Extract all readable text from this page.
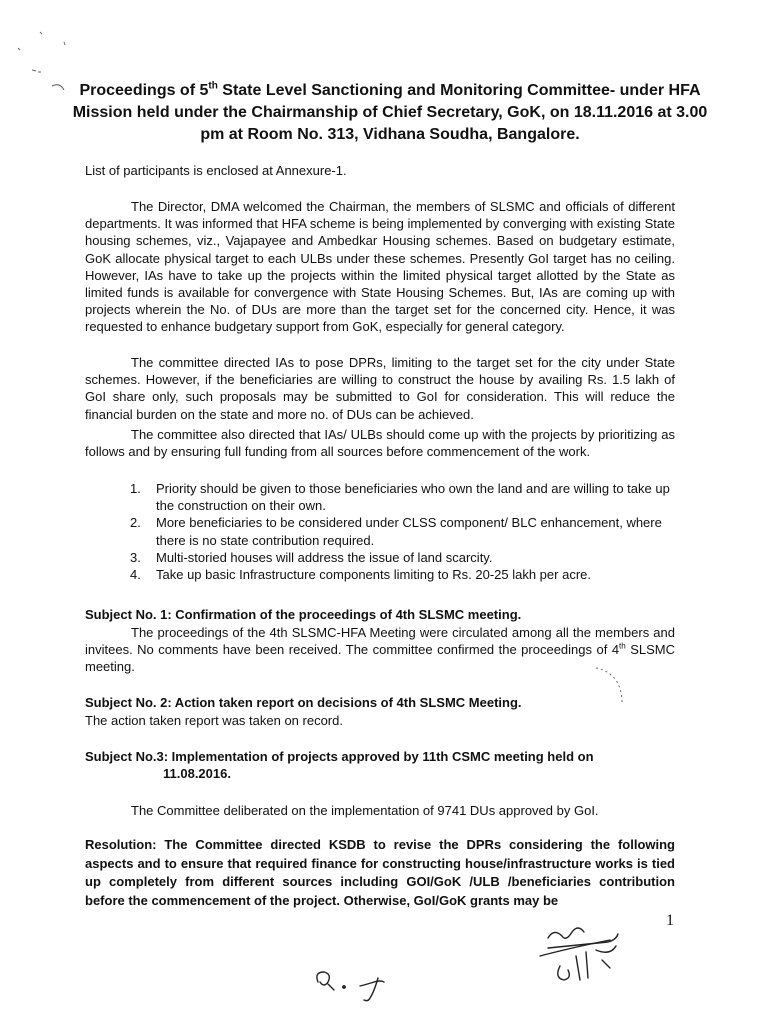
Proceedings of 5th State Level Sanctioning and Monitoring Committee- under HFA Mission held under the Chairmanship of Chief Secretary, GoK, on 18.11.2016 at 3.00 pm at Room No. 313, Vidhana Soudha, Bangalore.
List of participants is enclosed at Annexure-1.
The Director, DMA welcomed the Chairman, the members of SLSMC and officials of different departments. It was informed that HFA scheme is being implemented by converging with existing State housing schemes, viz., Vajapayee and Ambedkar Housing schemes. Based on budgetary estimate, GoK allocate physical target to each ULBs under these schemes. Presently GoI target has no ceiling. However, IAs have to take up the projects within the limited physical target allotted by the State as limited funds is available for convergence with State Housing Schemes. But, IAs are coming up with projects wherein the No. of DUs are more than the target set for the concerned city. Hence, it was requested to enhance budgetary support from GoK, especially for general category.
The committee directed IAs to pose DPRs, limiting to the target set for the city under State schemes. However, if the beneficiaries are willing to construct the house by availing Rs. 1.5 lakh of GoI share only, such proposals may be submitted to GoI for consideration. This will reduce the financial burden on the state and more no. of DUs can be achieved.
The committee also directed that IAs/ ULBs should come up with the projects by prioritizing as follows and by ensuring full funding from all sources before commencement of the work.
1.	Priority should be given to those beneficiaries who own the land and are willing to take up the construction on their own.
2.	More beneficiaries to be considered under CLSS component/ BLC enhancement, where there is no state contribution required.
3.	Multi-storied houses will address the issue of land scarcity.
4.	Take up basic Infrastructure components limiting to Rs. 20-25 lakh per acre.
Subject No. 1: Confirmation of the proceedings of 4th SLSMC meeting.
The proceedings of the 4th SLSMC-HFA Meeting were circulated among all the members and invitees. No comments have been received. The committee confirmed the proceedings of 4th SLSMC meeting.
Subject No. 2: Action taken report on decisions of 4th SLSMC Meeting.
The action taken report was taken on record.
Subject No.3: Implementation of projects approved by 11th CSMC meeting held on
11.08.2016.
The Committee deliberated on the implementation of 9741 DUs approved by GoI.
Resolution: The Committee directed KSDB to revise the DPRs considering the following aspects and to ensure that required finance for constructing house/infrastructure works is tied up completely from different sources including GOI/GoK /ULB /beneficiaries contribution before the commencement of the project. Otherwise, GoI/GoK grants may be
1
